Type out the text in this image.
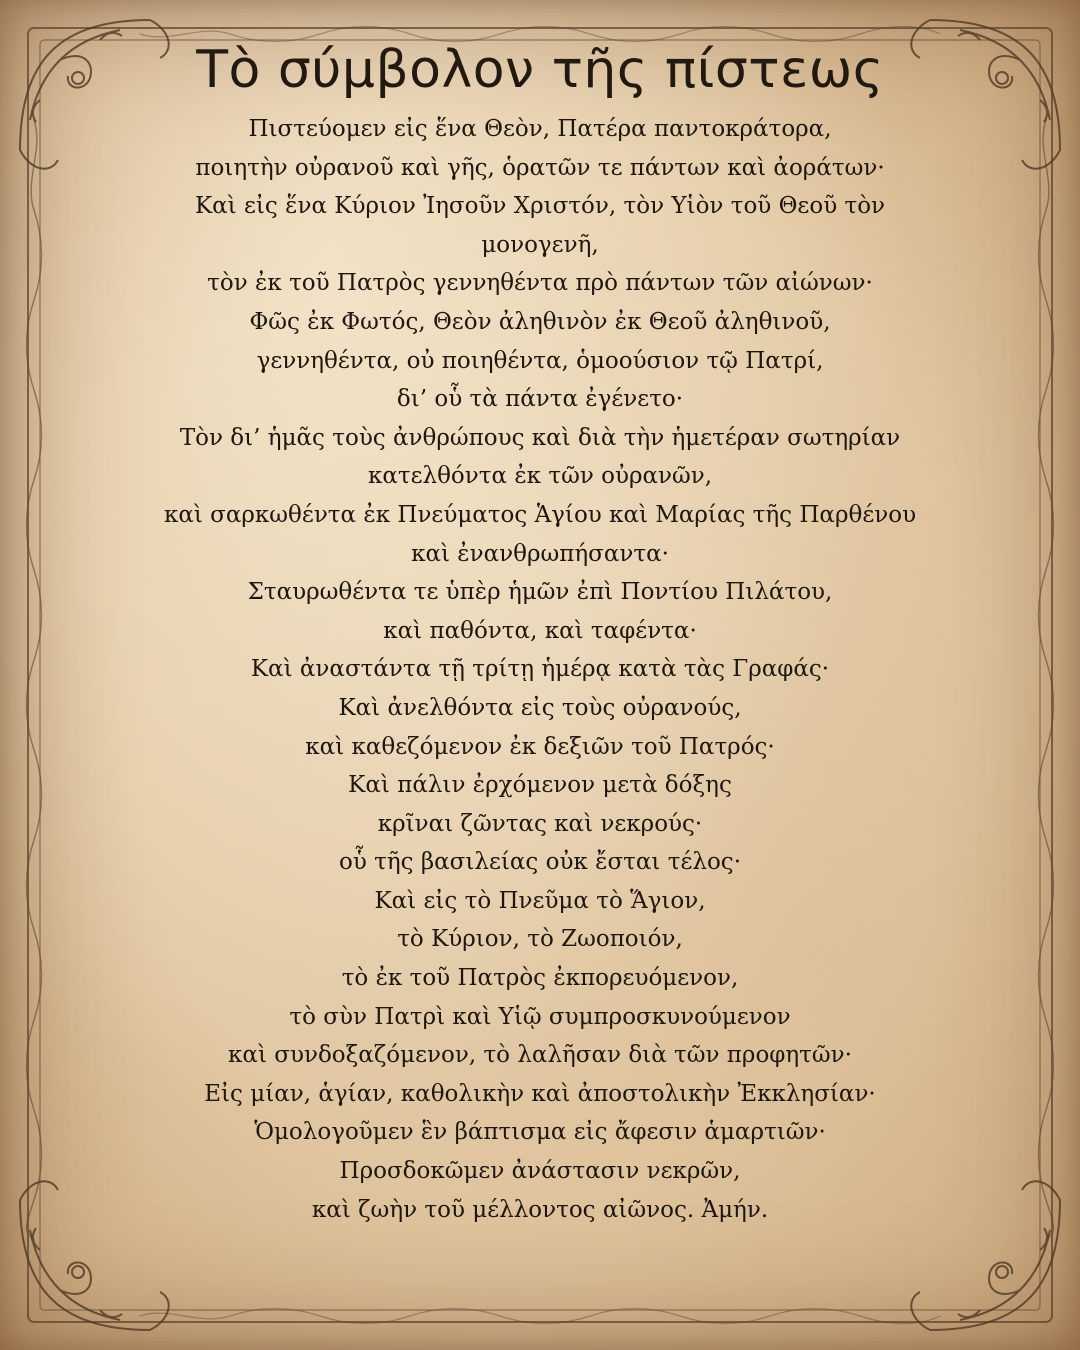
Τὸ σύμβολον τῆς πίστεως
Πιστεύομεν εἰς ἕνα Θεὸν, Πατέρα παντοκράτορα,
ποιητὴν οὐρανοῦ καὶ γῆς, ὁρατῶν τε πάντων καὶ ἀοράτων·
Καὶ εἰς ἕνα Κύριον Ἰησοῦν Χριστόν, τὸν Υἱὸν τοῦ Θεοῦ τὸν
μονογενῆ,
τὸν ἐκ τοῦ Πατρὸς γεννηθέντα πρὸ πάντων τῶν αἰώνων·
Φῶς ἐκ Φωτός, Θεὸν ἀληθινὸν ἐκ Θεοῦ ἀληθινοῦ,
γεννηθέντα, οὐ ποιηθέντα, ὁμοούσιον τῷ Πατρί,
δι’ οὗ τὰ πάντα ἐγένετο·
Τὸν δι’ ἡμᾶς τοὺς ἀνθρώπους καὶ διὰ τὴν ἡμετέραν σωτηρίαν
κατελθόντα ἐκ τῶν οὐρανῶν,
καὶ σαρκωθέντα ἐκ Πνεύματος Ἁγίου καὶ Μαρίας τῆς Παρθένου
καὶ ἐνανθρωπήσαντα·
Σταυρωθέντα τε ὑπὲρ ἡμῶν ἐπὶ Ποντίου Πιλάτου,
καὶ παθόντα, καὶ ταφέντα·
Καὶ ἀναστάντα τῇ τρίτῃ ἡμέρᾳ κατὰ τὰς Γραφάς·
Καὶ ἀνελθόντα εἰς τοὺς οὐρανούς,
καὶ καθεζόμενον ἐκ δεξιῶν τοῦ Πατρός·
Καὶ πάλιν ἐρχόμενον μετὰ δόξης
κρῖναι ζῶντας καὶ νεκρούς·
οὗ τῆς βασιλείας οὐκ ἔσται τέλος·
Καὶ εἰς τὸ Πνεῦμα τὸ Ἅγιον,
τὸ Κύριον, τὸ Ζωοποιόν,
τὸ ἐκ τοῦ Πατρὸς ἐκπορευόμενον,
τὸ σὺν Πατρὶ καὶ Υἱῷ συμπροσκυνούμενον
καὶ συνδοξαζόμενον, τὸ λαλῆσαν διὰ τῶν προφητῶν·
Εἰς μίαν, ἁγίαν, καθολικὴν καὶ ἀποστολικὴν Ἐκκλησίαν·
Ὁμολογοῦμεν ἓν βάπτισμα εἰς ἄφεσιν ἁμαρτιῶν·
Προσδοκῶμεν ἀνάστασιν νεκρῶν,
καὶ ζωὴν τοῦ μέλλοντος αἰῶνος. Ἀμήν.
